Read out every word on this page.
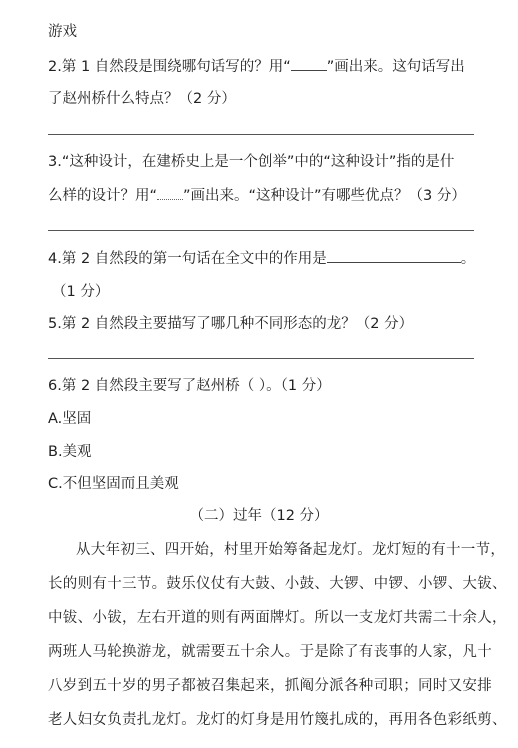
游戏
2.第 1 自然段是围绕哪句话写的？用“ ”画出来。这句话写出
了赵州桥什么特点？（2 分）
3.“这种设计，在建桥史上是一个创举”中的“这种设计”指的是什
么样的设计？用“ ”画出来。“这种设计”有哪些优点？（3 分）
4.第 2 自然段的第一句话在全文中的作用是	。
（1 分）
5.第 2 自然段主要描写了哪几种不同形态的龙？（2 分）
6.第 2 自然段主要写了赵州桥（ ）。（1 分）
A.坚固
B.美观
C.不但坚固而且美观
（二）过年（12 分）
从大年初三、四开始，村里开始筹备起龙灯。龙灯短的有十一节，
长的则有十三节。鼓乐仪仗有大鼓、小鼓、大锣、中锣、小锣、大钹、
中钹、小钹，左右开道的则有两面牌灯。所以一支龙灯共需二十余人，
两班人马轮换游龙，就需要五十余人。于是除了有丧事的人家，凡十
八岁到五十岁的男子都被召集起来，抓阄分派各种司职；同时又安排
老人妇女负责扎龙灯。龙灯的灯身是用竹篾扎成的，再用各色彩纸剪、
